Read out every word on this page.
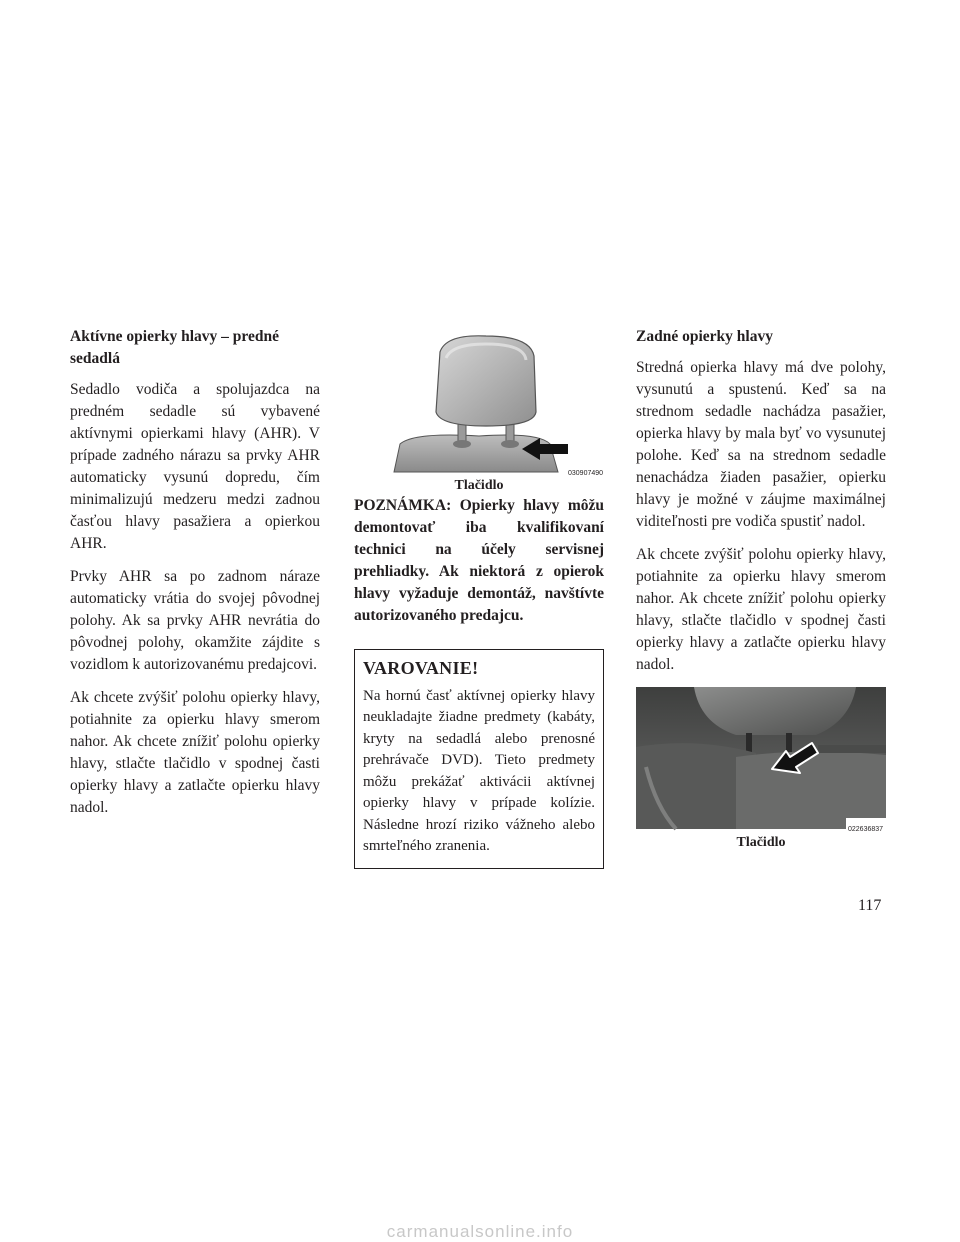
Aktívne opierky hlavy – predné sedadlá

Sedadlo vodiča a spolujazdca na predném sedadle sú vybavené aktívnymi opierkami hlavy (AHR). V prípade zadného nárazu sa prvky AHR automaticky vysunú dopredu, čím minimalizujú medzeru medzi zadnou časťou hlavy pasažiera a opierkou AHR.

Prvky AHR sa po zadnom náraze automaticky vrátia do svojej pôvodnej polohy. Ak sa prvky AHR nevrátia do pôvodnej polohy, okamžite zájdite s vozidlom k autorizovanému predajcovi.

Ak chcete zvýšiť polohu opierky hlavy, potiahnite za opierku hlavy smerom nahor. Ak chcete znížiť polohu opierky hlavy, stlačte tlačidlo v spodnej časti opierky hlavy a zatlačte opierku hlavy nadol.

030907490
Tlačidlo

POZNÁMKA: Opierky hlavy môžu demontovať iba kvalifikovaní technici na účely servisnej prehliadky. Ak niektorá z opierok hlavy vyžaduje demontáž, navštívte autorizovaného predajcu.

VAROVANIE!

Na hornú časť aktívnej opierky hlavy neukladajte žiadne predmety (kabáty, kryty na sedadlá alebo prenosné prehrávače DVD). Tieto predmety môžu prekážať aktivácii aktívnej opierky hlavy v prípade kolízie. Následne hrozí riziko vážneho alebo smrteľného zranenia.

Zadné opierky hlavy

Stredná opierka hlavy má dve polohy, vysunutú a spustenú. Keď sa na strednom sedadle nachádza pasažier, opierka hlavy by mala byť vo vysunutej polohe. Keď sa na strednom sedadle nenachádza žiaden pasažier, opierku hlavy je možné v záujme maximálnej viditeľnosti pre vodiča spustiť nadol.

Ak chcete zvýšiť polohu opierky hlavy, potiahnite za opierku hlavy smerom nahor. Ak chcete znížiť polohu opierky hlavy, stlačte tlačidlo v spodnej časti opierky hlavy a zatlačte opierku hlavy nadol.

022636837
Tlačidlo
117
carmanualsonline.info
